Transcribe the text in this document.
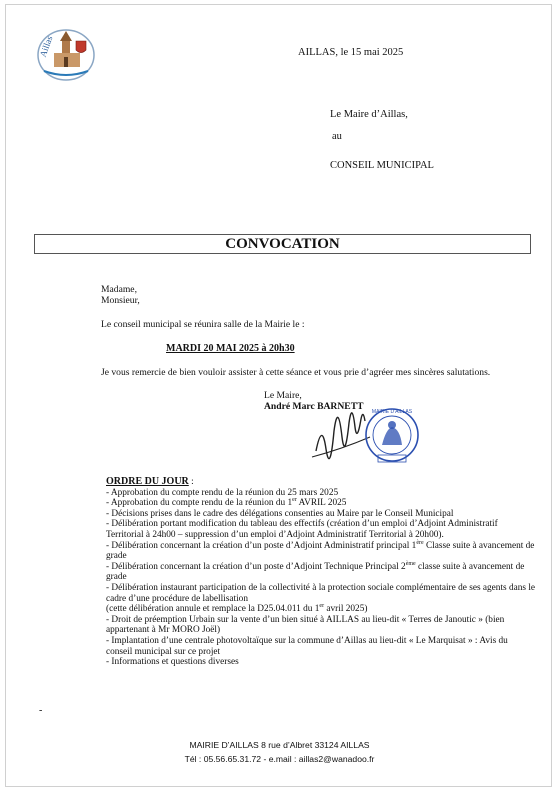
Aillas	AILLAS, le 15 mai 2025
Le Maire d’Aillas,
au
CONSEIL MUNICIPAL
CONVOCATION
Madame,
Monsieur,
Le conseil municipal se réunira salle de la Mairie le :
MARDI 20 MAI 2025 à 20h30
Je vous remercie de bien vouloir assister à cette séance et vous prie d’agréer mes sincères salutations.
Le Maire,
André Marc BARNETT MAIRIE D'AILLAS
ORDRE DU JOUR :
- Approbation du compte rendu de la réunion du 25 mars 2025
- Approbation du compte rendu de la réunion du 1er AVRIL 2025
- Décisions prises dans le cadre des délégations consenties au Maire par le Conseil Municipal
- Délibération portant modification du tableau des effectifs (création d’un emploi d’Adjoint Administratif Territorial à 24h00 – suppression d’un emploi d’Adjoint Administratif Territorial à 20h00).
- Délibération concernant la création d’un poste d’Adjoint Administratif principal 1ère Classe suite à avancement de grade
- Délibération concernant la création d’un poste d’Adjoint Technique Principal 2ème classe suite à avancement de grade
- Délibération instaurant participation de la collectivité à la protection sociale complémentaire de ses agents dans le cadre d’une procédure de labellisation
(cette délibération annule et remplace la D25.04.011 du 1er avril 2025)
- Droit de préemption Urbain sur la vente d’un bien situé à AILLAS au lieu-dit « Terres de Janoutic » (bien appartenant à Mr MORO Joël)
- Implantation d’une centrale photovoltaïque sur la commune d’Aillas au lieu-dit « Le Marquisat » : Avis du conseil municipal sur ce projet
- Informations et questions diverses
-
MAIRIE D’AILLAS 8 rue d’Albret 33124 AILLAS
Tél : 05.56.65.31.72 - e.mail : aillas2@wanadoo.fr
